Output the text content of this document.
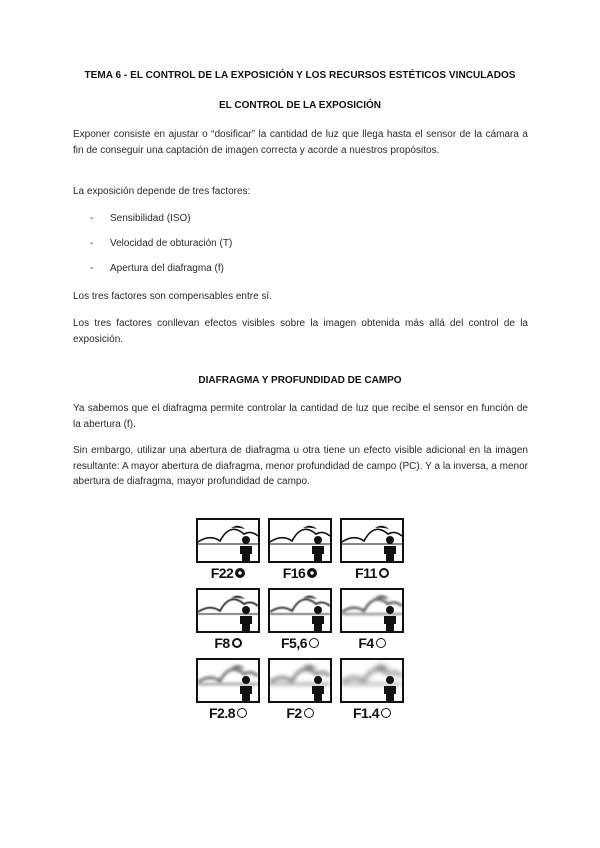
TEMA 6 - EL CONTROL DE LA EXPOSICIÓN Y LOS RECURSOS ESTÉTICOS VINCULADOS
EL CONTROL DE LA EXPOSICIÓN

Exponer consiste en ajustar o “dosificar” la cantidad de luz que llega hasta el sensor de la cámara a fin de conseguir una captación de imagen correcta y acorde a nuestros propósitos.

La exposición depende de tres factores:

- Sensibilidad (ISO)
- Velocidad de obturación (T)
- Apertura del diafragma (f)

Los tres factores son compensables entre sí.

Los tres factores conllevan efectos visibles sobre la imagen obtenida más allá del control de la exposición.

DIAFRAGMA Y PROFUNDIDAD DE CAMPO

Ya sabemos que el diafragma permite controlar la cantidad de luz que recibe el sensor en función de la abertura (f).

Sin embargo, utilizar una abertura de diafragma u otra tiene un efecto visible adicional en la imagen resultante: A mayor abertura de diafragma, menor profundidad de campo (PC). Y a la inversa, a menor abertura de diafragma, mayor profundidad de campo.

F22	F16	F11
F8	F5,6	F4
F2.8	F2	F1.4
